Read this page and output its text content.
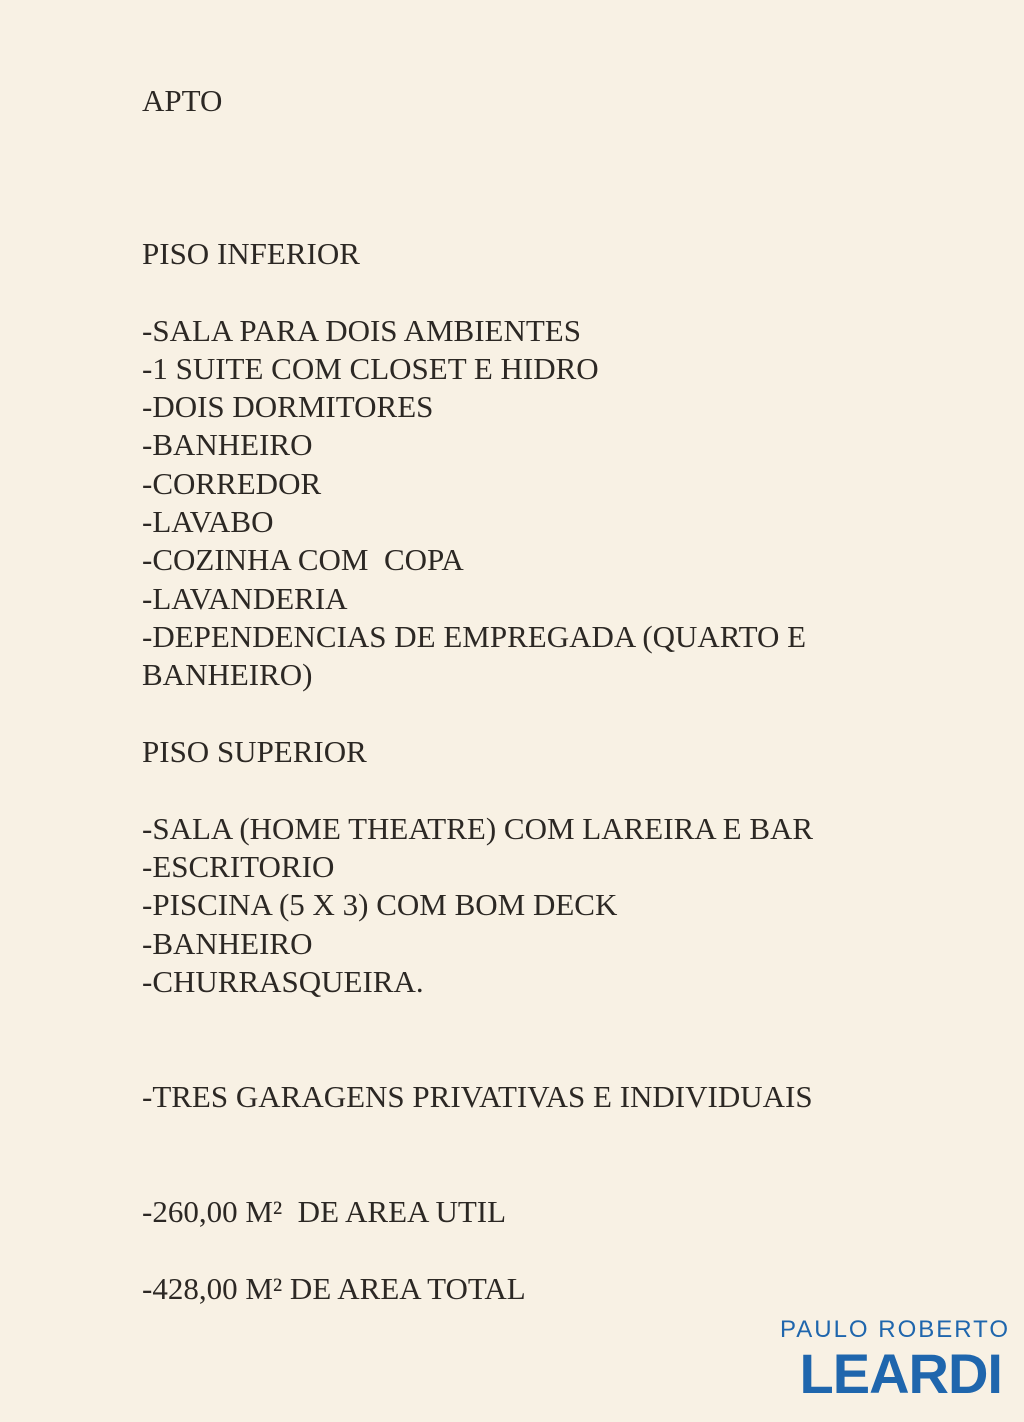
APTO
PISO INFERIOR
-SALA PARA DOIS AMBIENTES
-1 SUITE COM CLOSET E HIDRO
-DOIS DORMITORES
-BANHEIRO
-CORREDOR
-LAVABO
-COZINHA COM  COPA
-LAVANDERIA
-DEPENDENCIAS DE EMPREGADA (QUARTO E
BANHEIRO)
PISO SUPERIOR
-SALA (HOME THEATRE) COM LAREIRA E BAR
-ESCRITORIO
-PISCINA (5 X 3) COM BOM DECK
-BANHEIRO
-CHURRASQUEIRA.
-TRES GARAGENS PRIVATIVAS E INDIVIDUAIS
-260,00 M²  DE AREA UTIL
-428,00 M² DE AREA TOTAL
PAULO ROBERTO
LEARDI
